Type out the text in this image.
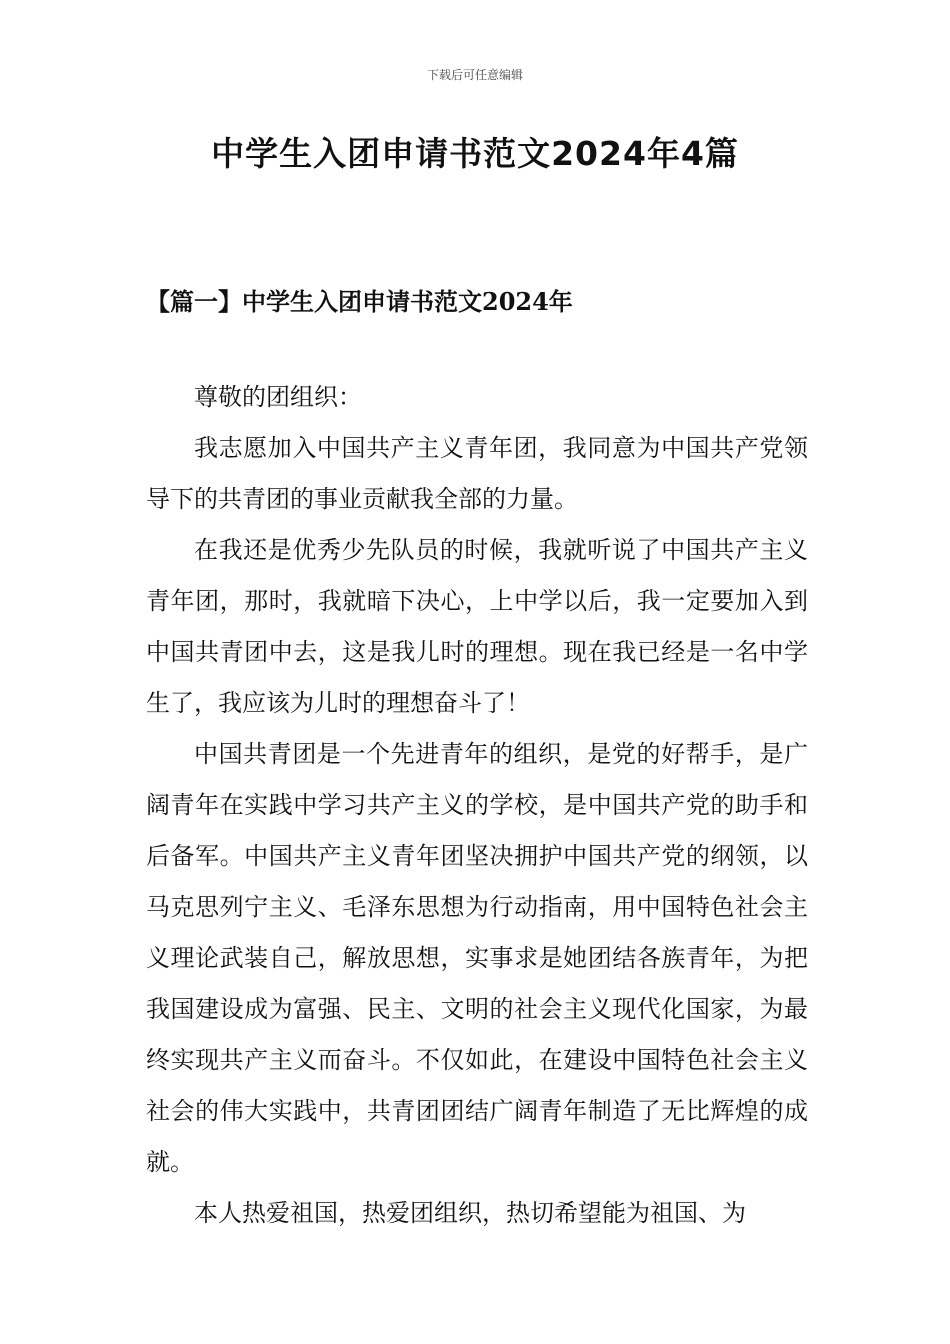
下载后可任意编辑
中学生入团申请书范文2024年4篇
【篇一】中学生入团申请书范文2024年

尊敬的团组织：

我志愿加入中国共产主义青年团，我同意为中国共产党领导下的共青团的事业贡献我全部的力量。

在我还是优秀少先队员的时候，我就听说了中国共产主义青年团，那时，我就暗下决心，上中学以后，我一定要加入到中国共青团中去，这是我儿时的理想。现在我已经是一名中学生了，我应该为儿时的理想奋斗了！

中国共青团是一个先进青年的组织，是党的好帮手，是广阔青年在实践中学习共产主义的学校，是中国共产党的助手和后备军。中国共产主义青年团坚决拥护中国共产党的纲领，以马克思列宁主义、毛泽东思想为行动指南，用中国特色社会主义理论武装自己，解放思想，实事求是她团结各族青年，为把我国建设成为富强、民主、文明的社会主义现代化国家，为最终实现共产主义而奋斗。不仅如此，在建设中国特色社会主义社会的伟大实践中，共青团团结广阔青年制造了无比辉煌的成就。

本人热爱祖国，热爱团组织，热切希望能为祖国、为
